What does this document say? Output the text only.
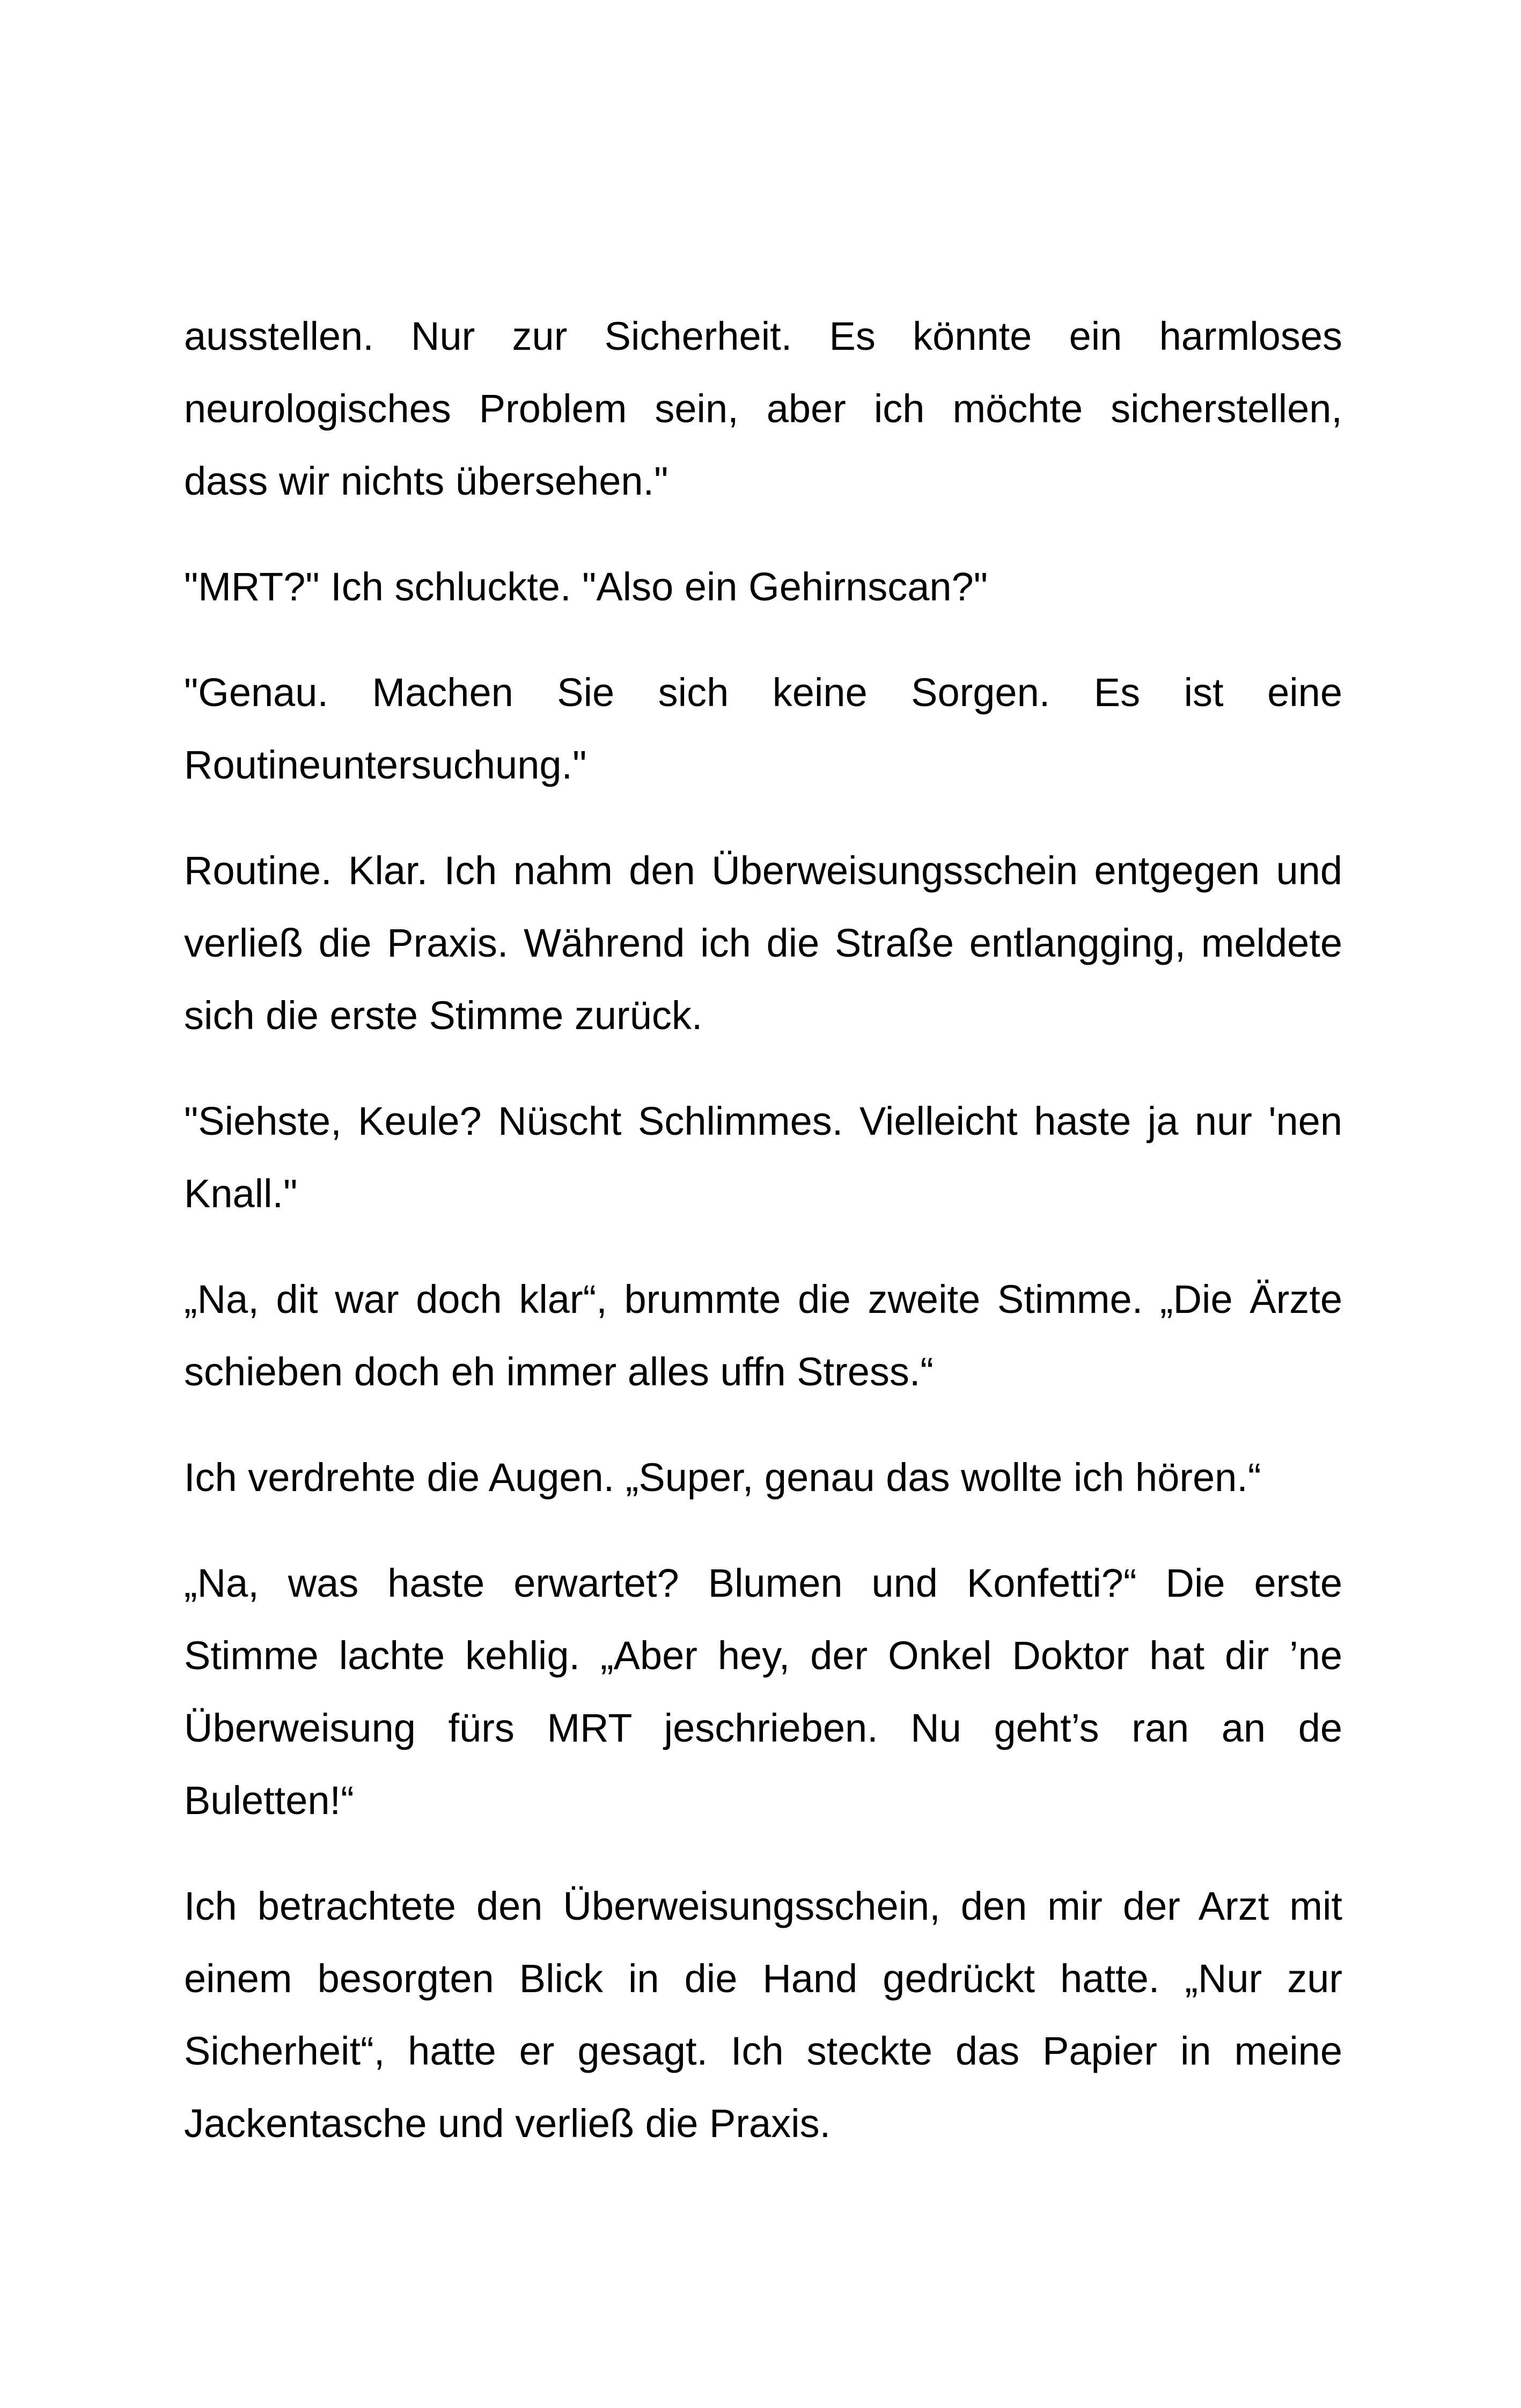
ausstellen. Nur zur Sicherheit. Es könnte ein harmloses
neurologisches Problem sein, aber ich möchte sicherstellen,
dass wir nichts übersehen."

"MRT?" Ich schluckte. "Also ein Gehirnscan?"

"Genau. Machen Sie sich keine Sorgen. Es ist eine
Routineuntersuchung."

Routine. Klar. Ich nahm den Überweisungsschein entgegen und
verließ die Praxis. Während ich die Straße entlangging, meldete
sich die erste Stimme zurück.

"Siehste, Keule? Nüscht Schlimmes. Vielleicht haste ja nur 'nen
Knall."

„Na, dit war doch klar“, brummte die zweite Stimme. „Die Ärzte
schieben doch eh immer alles uffn Stress.“

Ich verdrehte die Augen. „Super, genau das wollte ich hören.“

„Na, was haste erwartet? Blumen und Konfetti?“ Die erste
Stimme lachte kehlig. „Aber hey, der Onkel Doktor hat dir ’ne
Überweisung fürs MRT jeschrieben. Nu geht’s ran an de
Buletten!“

Ich betrachtete den Überweisungsschein, den mir der Arzt mit
einem besorgten Blick in die Hand gedrückt hatte. „Nur zur
Sicherheit“, hatte er gesagt. Ich steckte das Papier in meine
Jackentasche und verließ die Praxis.
